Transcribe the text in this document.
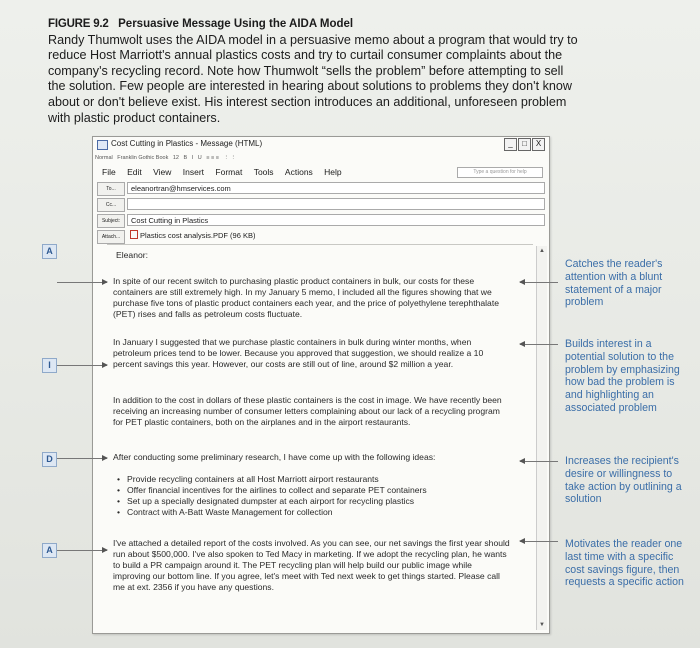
FIGURE 9.2 Persuasive Message Using the AIDA Model
Randy Thumwolt uses the AIDA model in a persuasive memo about a program that would try to reduce Host Marriott's annual plastics costs and try to curtail consumer complaints about the company's recycling record. Note how Thumwolt “sells the problem” before attempting to sell the solution. Few people are interested in hearing about solutions to problems they don't know about or don't believe exist. His interest section introduces an additional, unforeseen problem with plastic product containers.
Cost Cutting in Plastics - Message (HTML)	_	□	X
Normal Franklin Gothic Book 12 B I U ≡ ≡ ≡ ⋮ ⋮
File Edit View Insert Format Tools Actions Help	Type a question for help
To...	eleanortran@hmservices.com
Cc...
Subject:	Cost Cutting in Plastics
Attach...	Plastics cost analysis.PDF (96 KB)
▲
▼
Eleanor:
In spite of our recent switch to purchasing plastic product containers in bulk, our costs for these containers are still extremely high. In my January 5 memo, I included all the figures showing that we purchase five tons of plastic product containers each year, and the price of polyethylene terephthalate (PET) rises and falls as petroleum costs fluctuate.
In January I suggested that we purchase plastic containers in bulk during winter months, when petroleum prices tend to be lower. Because you approved that suggestion, we should realize a 10 percent savings this year. However, our costs are still out of line, around $2 million a year.
In addition to the cost in dollars of these plastic containers is the cost in image. We have recently been receiving an increasing number of consumer letters complaining about our lack of a recycling program for PET plastic containers, both on the airplanes and in the airport restaurants.
After conducting some preliminary research, I have come up with the following ideas:
• Provide recycling containers at all Host Marriott airport restaurants
• Offer financial incentives for the airlines to collect and separate PET containers
• Set up a specially designated dumpster at each airport for recycling plastics
• Contract with A-Batt Waste Management for collection
I've attached a detailed report of the costs involved. As you can see, our net savings the first year should run about $500,000. I've also spoken to Ted Macy in marketing. If we adopt the recycling plan, he wants to build a PR campaign around it. The PET recycling plan will help build our public image while improving our bottom line. If you agree, let's meet with Ted next week to get things started. Please call me at ext. 2356 if you have any questions.
A
I
D
A
Catches the reader's attention with a blunt statement of a major problem
Builds interest in a potential solution to the problem by emphasizing how bad the problem is and highlighting an associated problem
Increases the recipient's desire or willingness to take action by outlining a solution
Motivates the reader one last time with a specific cost savings figure, then requests a specific action
